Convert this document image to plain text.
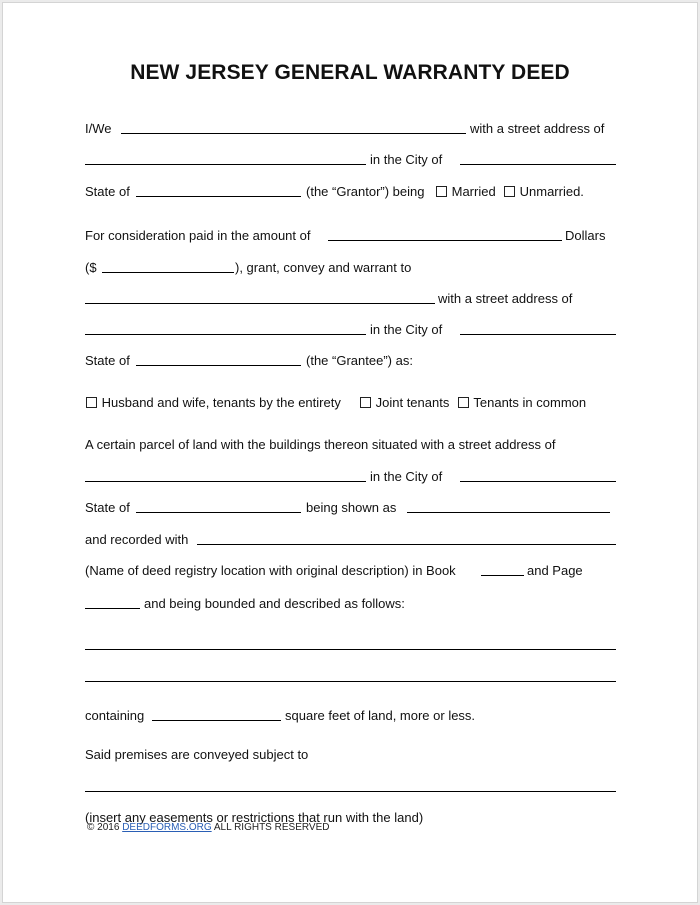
NEW JERSEY GENERAL WARRANTY DEED
I/We	with a street address of
in the City of
State of	(the “Grantor”) being	Married	Unmarried.
For consideration paid in the amount of	Dollars
($	), grant, convey and warrant to
with a street address of
in the City of
State of	(the “Grantee”) as:
Husband and wife, tenants by the entirety	Joint tenants	Tenants in common
A certain parcel of land with the buildings thereon situated with a street address of
in the City of
State of	being shown as
and recorded with
(Name of deed registry location with original description) in Book	and Page
and being bounded and described as follows:
containing	square feet of land, more or less.
Said premises are conveyed subject to
(insert any easements or restrictions that run with the land)
© 2016 DEEDFORMS.ORG ALL RIGHTS RESERVED
